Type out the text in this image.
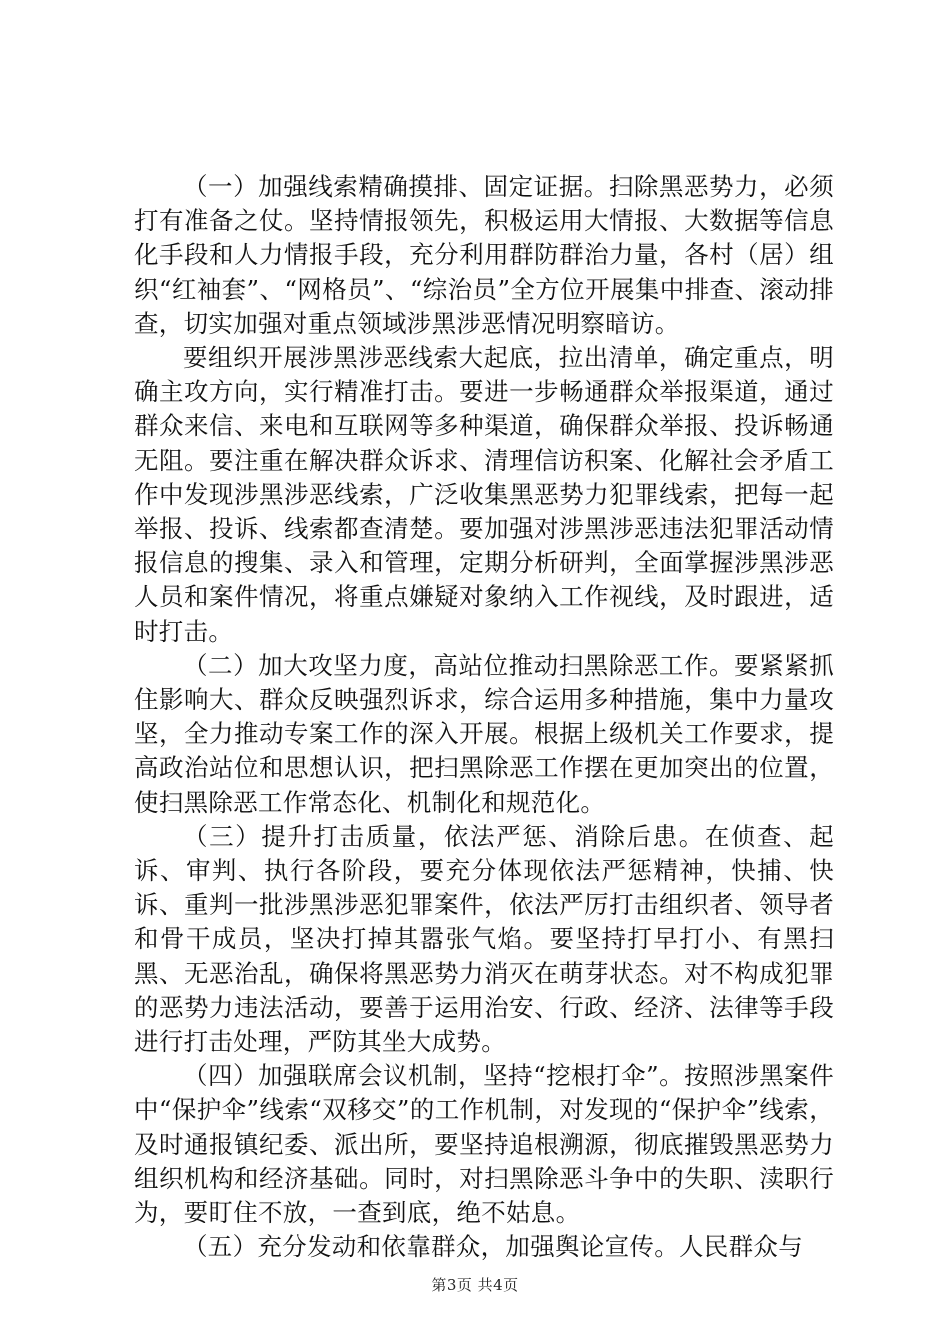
（一）加强线索精确摸排、固定证据。扫除黑恶势力，必须打有准备之仗。坚持情报领先，积极运用大情报、大数据等信息化手段和人力情报手段，充分利用群防群治力量，各村（居）组织“红袖套”、“网格员”、“综治员”全方位开展集中排查、滚动排查，切实加强对重点领域涉黑涉恶情况明察暗访。

要组织开展涉黑涉恶线索大起底，拉出清单，确定重点，明确主攻方向，实行精准打击。要进一步畅通群众举报渠道，通过群众来信、来电和互联网等多种渠道，确保群众举报、投诉畅通无阻。要注重在解决群众诉求、清理信访积案、化解社会矛盾工作中发现涉黑涉恶线索，广泛收集黑恶势力犯罪线索，把每一起举报、投诉、线索都查清楚。要加强对涉黑涉恶违法犯罪活动情报信息的搜集、录入和管理，定期分析研判，全面掌握涉黑涉恶人员和案件情况，将重点嫌疑对象纳入工作视线，及时跟进，适时打击。

（二）加大攻坚力度，高站位推动扫黑除恶工作。要紧紧抓住影响大、群众反映强烈诉求，综合运用多种措施，集中力量攻坚，全力推动专案工作的深入开展。根据上级机关工作要求，提高政治站位和思想认识，把扫黑除恶工作摆在更加突出的位置，使扫黑除恶工作常态化、机制化和规范化。

（三）提升打击质量，依法严惩、消除后患。在侦查、起诉、审判、执行各阶段，要充分体现依法严惩精神，快捕、快诉、重判一批涉黑涉恶犯罪案件，依法严厉打击组织者、领导者和骨干成员，坚决打掉其嚣张气焰。要坚持打早打小、有黑扫黑、无恶治乱，确保将黑恶势力消灭在萌芽状态。对不构成犯罪的恶势力违法活动，要善于运用治安、行政、经济、法律等手段进行打击处理，严防其坐大成势。

（四）加强联席会议机制，坚持“挖根打伞”。按照涉黑案件中“保护伞”线索“双移交”的工作机制，对发现的“保护伞”线索，及时通报镇纪委、派出所，要坚持追根溯源，彻底摧毁黑恶势力组织机构和经济基础。同时，对扫黑除恶斗争中的失职、渎职行为，要盯住不放，一查到底，绝不姑息。

（五）充分发动和依靠群众，加强舆论宣传。人民群众与

第3页 共4页
